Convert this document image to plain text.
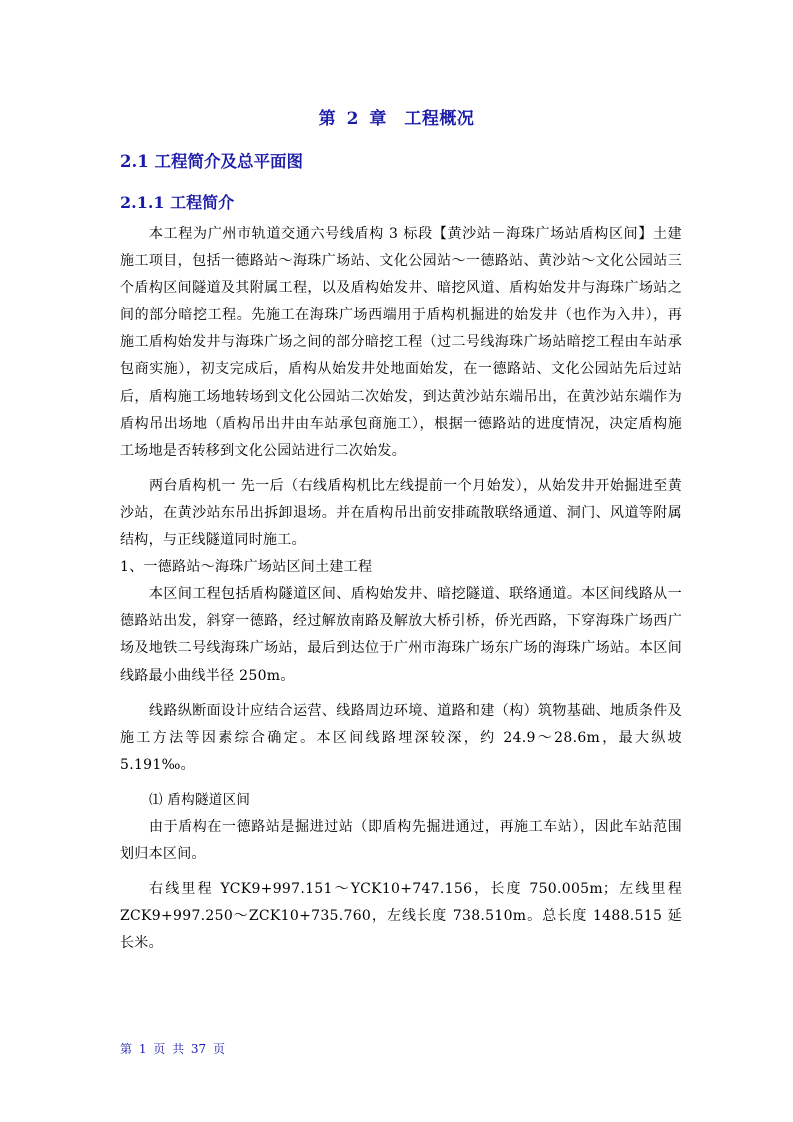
第 2 章　工程概况
2.1 工程简介及总平面图
2.1.1 工程简介

本工程为广州市轨道交通六号线盾构 3 标段【黄沙站－海珠广场站盾构区间】土建施工项目，包括一德路站～海珠广场站、文化公园站～一德路站、黄沙站～文化公园站三个盾构区间隧道及其附属工程，以及盾构始发井、暗挖风道、盾构始发井与海珠广场站之间的部分暗挖工程。先施工在海珠广场西端用于盾构机掘进的始发井（也作为入井），再施工盾构始发井与海珠广场之间的部分暗挖工程（过二号线海珠广场站暗挖工程由车站承包商实施），初支完成后，盾构从始发井处地面始发，在一德路站、文化公园站先后过站后，盾构施工场地转场到文化公园站二次始发，到达黄沙站东端吊出，在黄沙站东端作为盾构吊出场地（盾构吊出井由车站承包商施工），根据一德路站的进度情况，决定盾构施工场地是否转移到文化公园站进行二次始发。

两台盾构机一 先一后（右线盾构机比左线提前一个月始发），从始发井开始掘进至黄沙站，在黄沙站东吊出拆卸退场。并在盾构吊出前安排疏散联络通道、洞门、风道等附属结构，与正线隧道同时施工。

1、一德路站～海珠广场站区间土建工程

本区间工程包括盾构隧道区间、盾构始发井、暗挖隧道、联络通道。本区间线路从一德路站出发，斜穿一德路，经过解放南路及解放大桥引桥，侨光西路，下穿海珠广场西广场及地铁二号线海珠广场站，最后到达位于广州市海珠广场东广场的海珠广场站。本区间线路最小曲线半径 250m。

线路纵断面设计应结合运营、线路周边环境、道路和建（构）筑物基础、地质条件及施工方法等因素综合确定。本区间线路埋深较深，约 24.9～28.6m，最大纵坡 5.191‰。

⑴ 盾构隧道区间

由于盾构在一德路站是掘进过站（即盾构先掘进通过，再施工车站），因此车站范围划归本区间。

右线里程 YCK9+997.151～YCK10+747.156，长度 750.005m；左线里程 ZCK9+997.250～ZCK10+735.760，左线长度 738.510m。总长度 1488.515 延长米。

第 1 页 共 37 页
